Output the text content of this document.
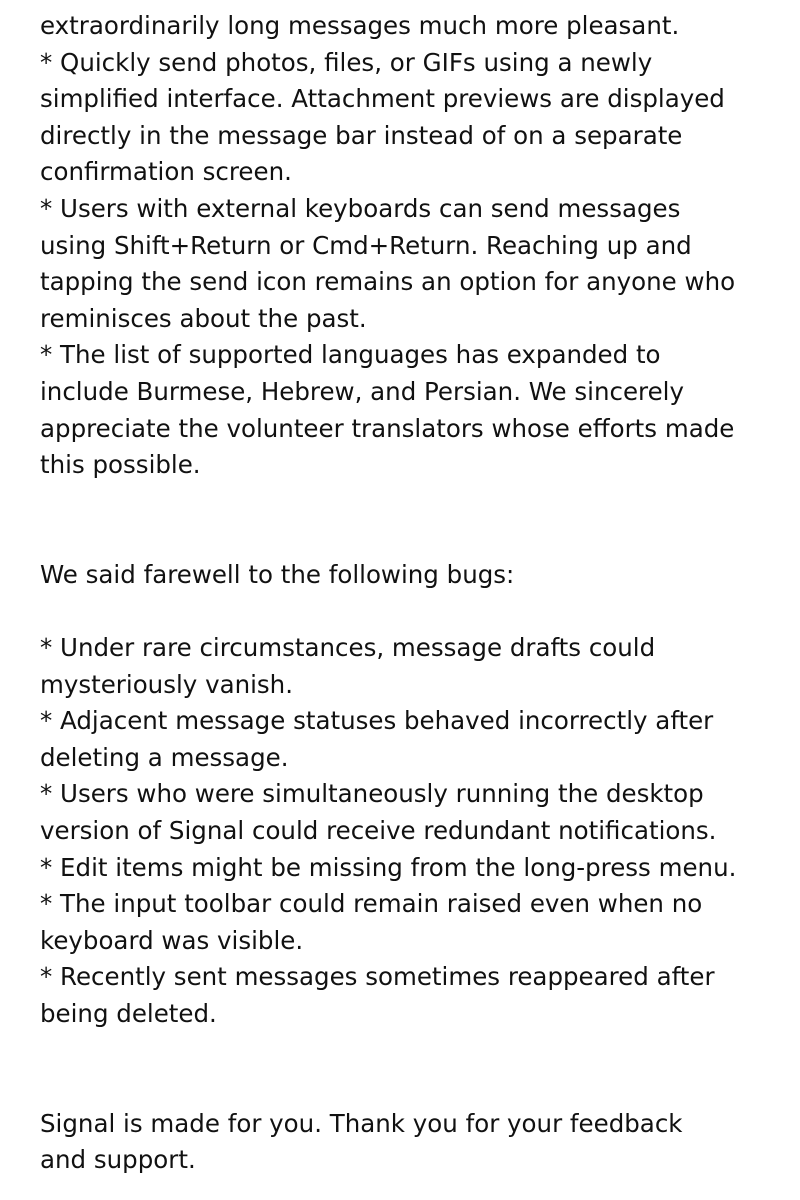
extraordinarily long messages much more pleasant.
* Quickly send photos, files, or GIFs using a newly
simplified interface. Attachment previews are displayed
directly in the message bar instead of on a separate
confirmation screen.
* Users with external keyboards can send messages
using Shift+Return or Cmd+Return. Reaching up and
tapping the send icon remains an option for anyone who
reminisces about the past.
* The list of supported languages has expanded to
include Burmese, Hebrew, and Persian. We sincerely
appreciate the volunteer translators whose efforts made
this possible.
We said farewell to the following bugs:
* Under rare circumstances, message drafts could
mysteriously vanish.
* Adjacent message statuses behaved incorrectly after
deleting a message.
* Users who were simultaneously running the desktop
version of Signal could receive redundant notifications.
* Edit items might be missing from the long-press menu.
* The input toolbar could remain raised even when no
keyboard was visible.
* Recently sent messages sometimes reappeared after
being deleted.
Signal is made for you. Thank you for your feedback
and support.
